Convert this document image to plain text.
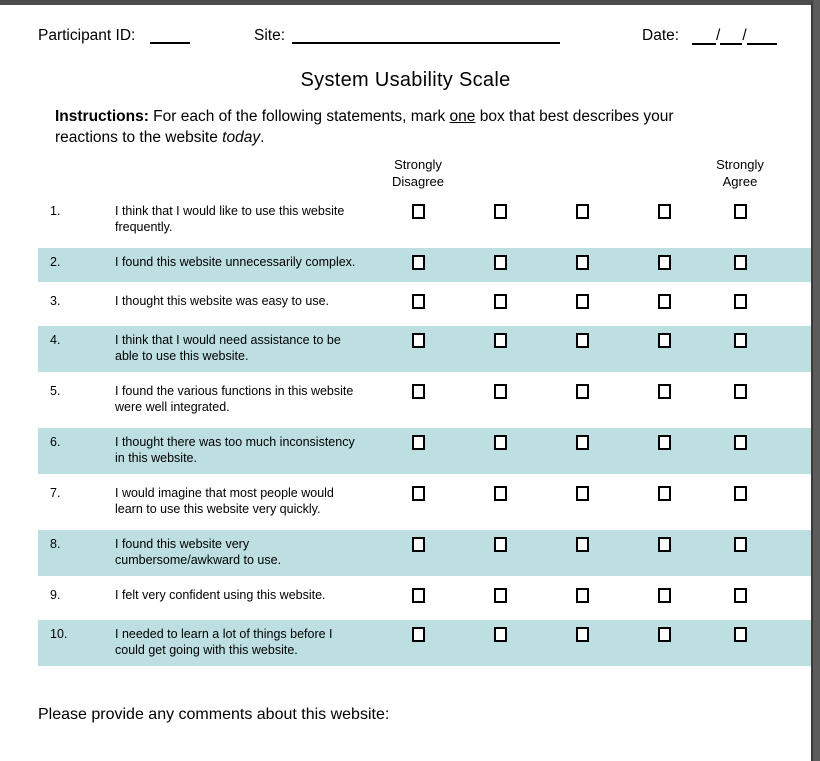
Participant ID:	Site:	Date:	/ /
System Usability Scale
Instructions: For each of the following statements, mark one box that best describes your reactions to the website today.
Strongly Disagree
Strongly Agree
1.	I think that I would like to use this website frequently.
2.	I found this website unnecessarily complex.
3.	I thought this website was easy to use.
4.	I think that I would need assistance to be able to use this website.
5.	I found the various functions in this website were well integrated.
6.	I thought there was too much inconsistency in this website.
7.	I would imagine that most people would learn to use this website very quickly.
8.	I found this website very cumbersome/awkward to use.
9.	I felt very confident using this website.
10.	I needed to learn a lot of things before I could get going with this website.
Please provide any comments about this website:
